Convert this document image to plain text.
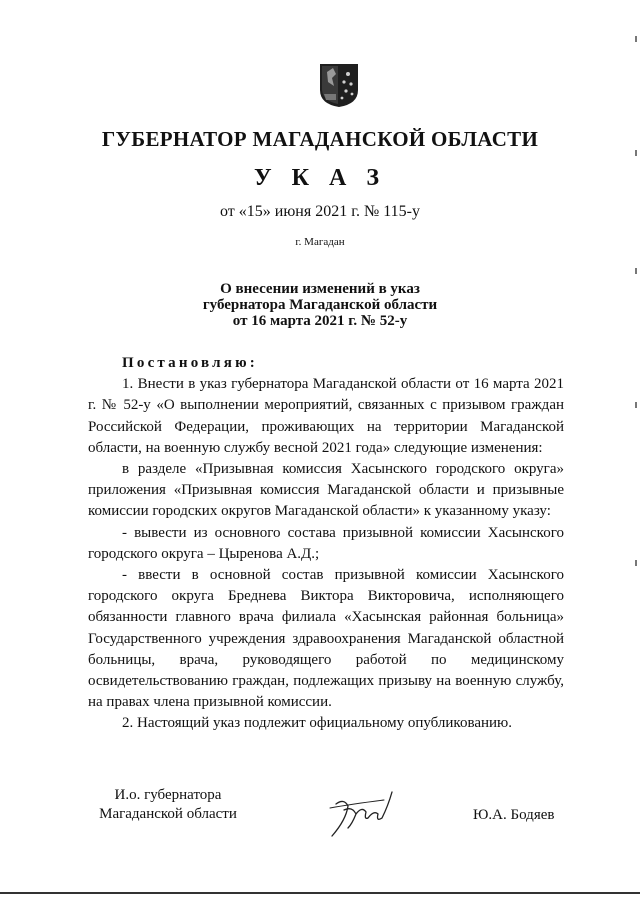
ГУБЕРНАТОР МАГАДАНСКОЙ ОБЛАСТИ
У К А З
от «15» июня 2021 г. № 115-у
г. Магадан
О внесении изменений в указ
губернатора Магаданской области
от 16 марта 2021 г. № 52-у
Постановляю:

1. Внести в указ губернатора Магаданской области от 16 марта 2021 г. № 52-у «О выполнении мероприятий, связанных с призывом граждан Российской Федерации, проживающих на территории Магаданской области, на военную службу весной 2021 года» следующие изменения:

в разделе «Призывная комиссия Хасынского городского округа» приложения «Призывная комиссия Магаданской области и призывные комиссии городских округов Магаданской области» к указанному указу:

- вывести из основного состава призывной комиссии Хасынского городского округа – Цыренова А.Д.;

- ввести в основной состав призывной комиссии Хасынского городского округа Бреднева Виктора Викторовича, исполняющего обязанности главного врача филиала «Хасынская районная больница» Государственного учреждения здравоохранения Магаданской областной больницы, врача, руководящего работой по медицинскому освидетельствованию граждан, подлежащих призыву на военную службу, на правах члена призывной комиссии.

2. Настоящий указ подлежит официальному опубликованию.

И.о. губернатора
Магаданской области	Ю.А. Бодяев
